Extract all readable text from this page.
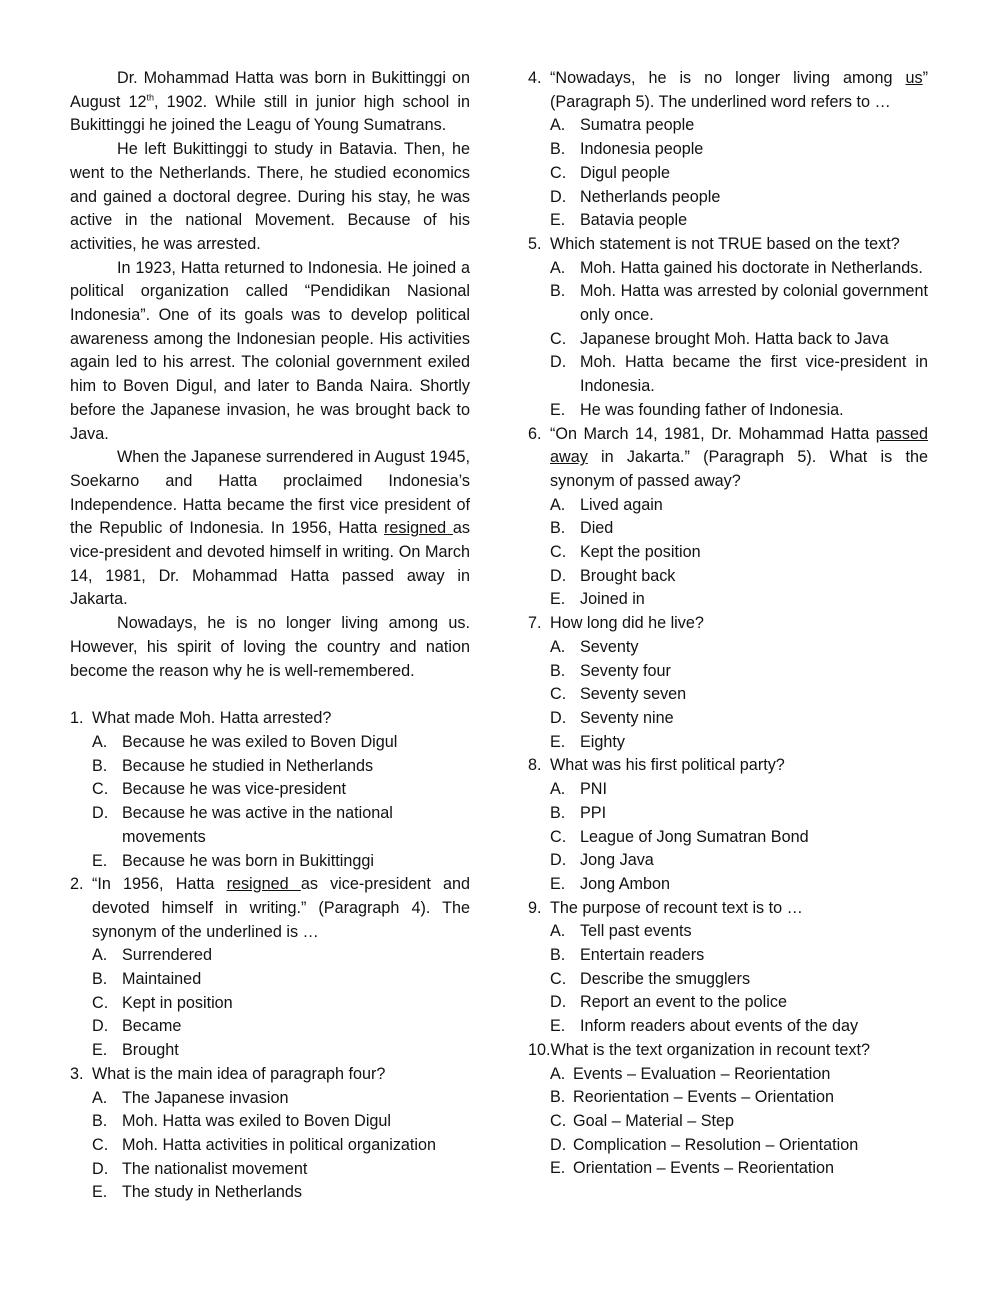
Dr. Mohammad Hatta was born in Bukittinggi on August 12th, 1902. While still in junior high school in Bukittinggi he joined the Leagu of Young Sumatrans.

He left Bukittinggi to study in Batavia. Then, he went to the Netherlands. There, he studied economics and gained a doctoral degree. During his stay, he was active in the national Movement. Because of his activities, he was arrested.

In 1923, Hatta returned to Indonesia. He joined a political organization called “Pendidikan Nasional Indonesia”. One of its goals was to develop political awareness among the Indonesian people. His activities again led to his arrest. The colonial government exiled him to Boven Digul, and later to Banda Naira. Shortly before the Japanese invasion, he was brought back to Java.

When the Japanese surrendered in August 1945, Soekarno and Hatta proclaimed Indonesia’s Independence. Hatta became the first vice president of the Republic of Indonesia. In 1956, Hatta resigned as vice-president and devoted himself in writing. On March 14, 1981, Dr. Mohammad Hatta passed away in Jakarta.

Nowadays, he is no longer living among us. However, his spirit of loving the country and nation become the reason why he is well-remembered.

1. What made Moh. Hatta arrested?
A. Because he was exiled to Boven Digul
B. Because he studied in Netherlands
C. Because he was vice-president
D. Because he was active in the national movements
E. Because he was born in Bukittinggi
2. “In 1956, Hatta resigned as vice-president and devoted himself in writing.” (Paragraph 4). The synonym of the underlined is …
A. Surrendered
B. Maintained
C. Kept in position
D. Became
E. Brought
3. What is the main idea of paragraph four?
A. The Japanese invasion
B. Moh. Hatta was exiled to Boven Digul
C. Moh. Hatta activities in political organization
D. The nationalist movement
E. The study in Netherlands
4. “Nowadays, he is no longer living among us” (Paragraph 5). The underlined word refers to …
A. Sumatra people
B. Indonesia people
C. Digul people
D. Netherlands people
E. Batavia people
5. Which statement is not TRUE based on the text?
A. Moh. Hatta gained his doctorate in Netherlands.
B. Moh. Hatta was arrested by colonial government only once.
C. Japanese brought Moh. Hatta back to Java
D. Moh. Hatta became the first vice-president in Indonesia.
E. He was founding father of Indonesia.
6. “On March 14, 1981, Dr. Mohammad Hatta passed away in Jakarta.” (Paragraph 5). What is the synonym of passed away?
A. Lived again
B. Died
C. Kept the position
D. Brought back
E. Joined in
7. How long did he live?
A. Seventy
B. Seventy four
C. Seventy seven
D. Seventy nine
E. Eighty
8. What was his first political party?
A. PNI
B. PPI
C. League of Jong Sumatran Bond
D. Jong Java
E. Jong Ambon
9. The purpose of recount text is to …
A. Tell past events
B. Entertain readers
C. Describe the smugglers
D. Report an event to the police
E. Inform readers about events of the day
10. What is the text organization in recount text?
A. Events – Evaluation – Reorientation
B. Reorientation – Events – Orientation
C. Goal – Material – Step
D. Complication – Resolution – Orientation
E. Orientation – Events – Reorientation
